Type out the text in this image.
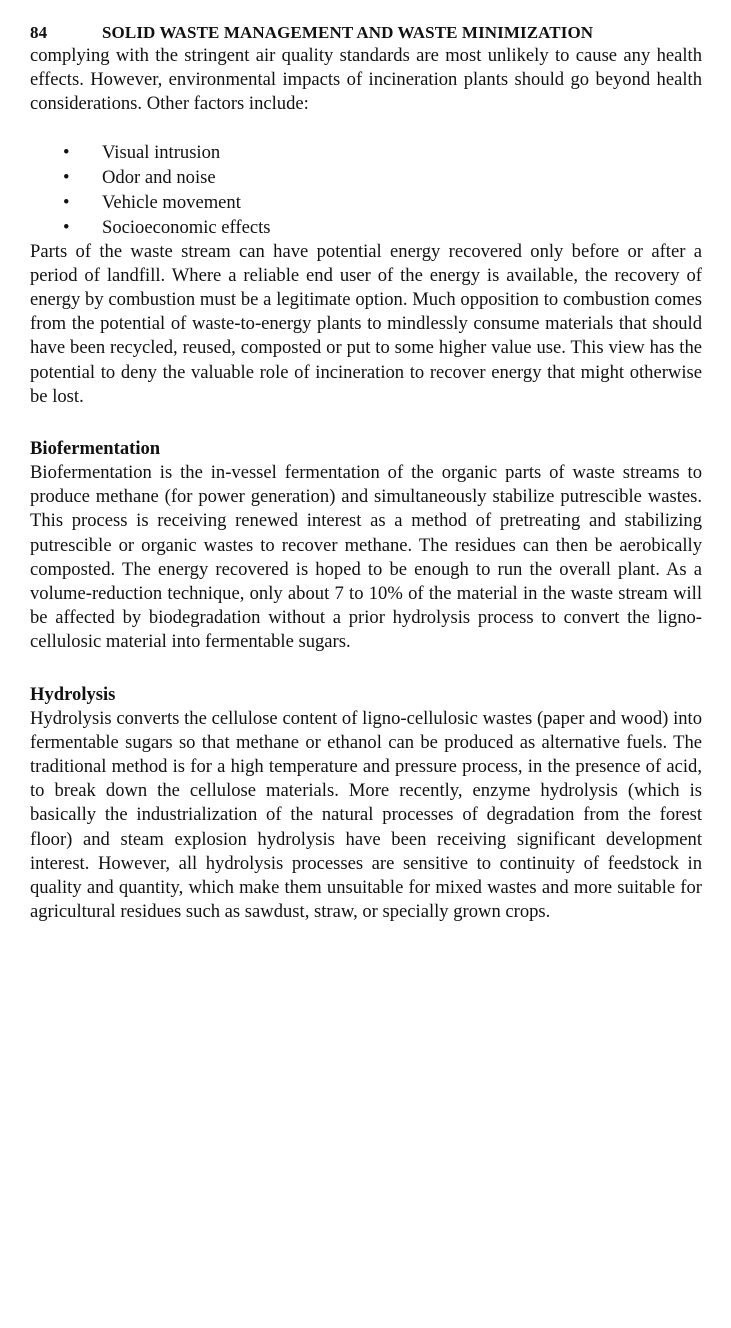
84	SOLID WASTE MANAGEMENT AND WASTE MINIMIZATION

complying with the stringent air quality standards are most unlikely to cause any health effects. However, environmental impacts of incineration plants should go beyond health considerations. Other factors include:

•	Visual intrusion
•	Odor and noise
•	Vehicle movement
•	Socioeconomic effects

Parts of the waste stream can have potential energy recovered only before or after a period of landfill. Where a reliable end user of the energy is available, the recovery of energy by combustion must be a legitimate option. Much opposition to combustion comes from the potential of waste-to-energy plants to mindlessly consume materials that should have been recycled, reused, composted or put to some higher value use. This view has the potential to deny the valuable role of incineration to recover energy that might otherwise be lost.

Biofermentation

Biofermentation is the in-vessel fermentation of the organic parts of waste streams to produce methane (for power generation) and simultaneously stabilize putrescible wastes. This process is receiving renewed interest as a method of pretreating and stabilizing putrescible or organic wastes to recover methane. The residues can then be aerobically composted. The energy recovered is hoped to be enough to run the overall plant. As a volume-reduction technique, only about 7 to 10% of the material in the waste stream will be affected by biodegradation without a prior hydrolysis process to convert the ligno-cellulosic material into fermentable sugars.

Hydrolysis

Hydrolysis converts the cellulose content of ligno-cellulosic wastes (paper and wood) into fermentable sugars so that methane or ethanol can be produced as alternative fuels. The traditional method is for a high temperature and pressure process, in the presence of acid, to break down the cellulose materials. More recently, enzyme hydrolysis (which is basically the industrialization of the natural processes of degradation from the forest floor) and steam explosion hydrolysis have been receiving significant development interest. However, all hydrolysis processes are sensitive to continuity of feedstock in quality and quantity, which make them unsuitable for mixed wastes and more suitable for agricultural residues such as sawdust, straw, or specially grown crops.
